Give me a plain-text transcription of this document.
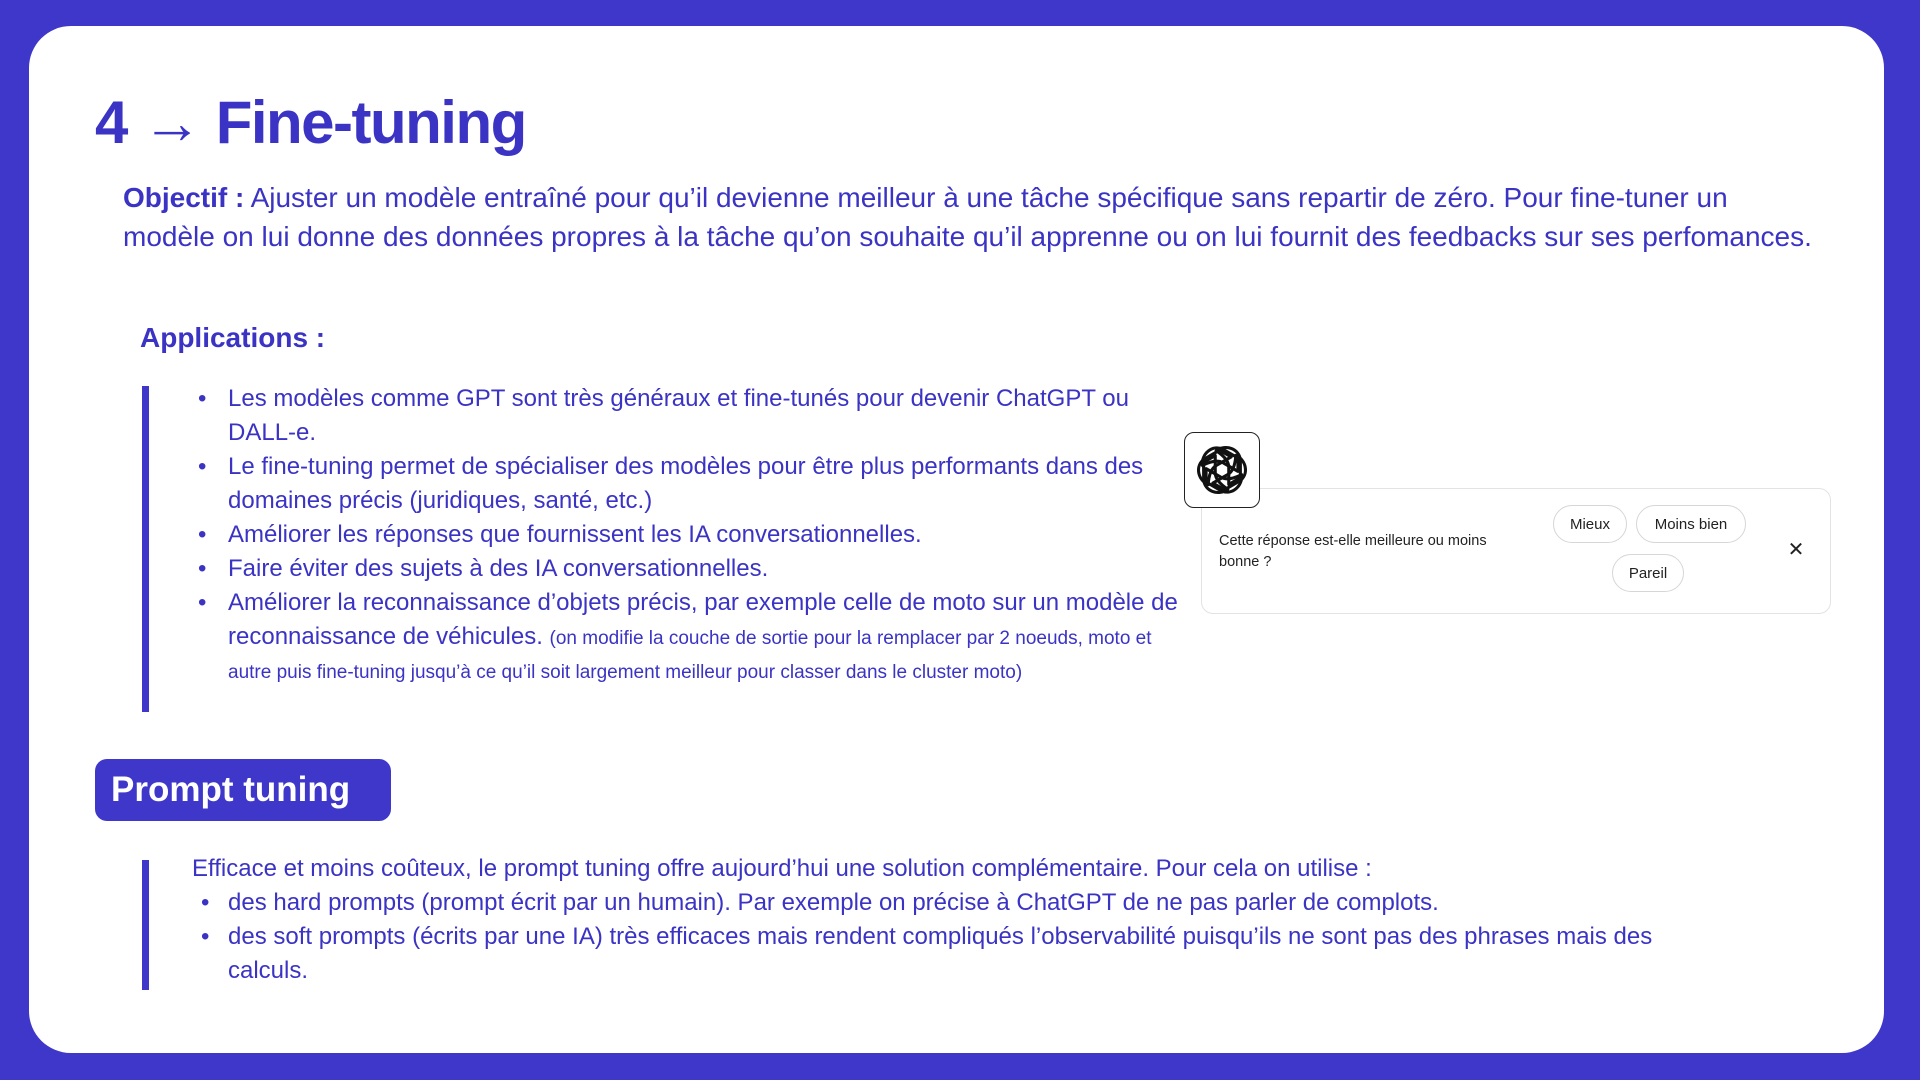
4 → Fine-tuning

Objectif : Ajuster un modèle entraîné pour qu’il devienne meilleur à une tâche spécifique sans repartir de zéro. Pour fine-tuner un modèle on lui donne des données propres à la tâche qu’on souhaite qu’il apprenne ou on lui fournit des feedbacks sur ses perfomances.

Applications :
• Les modèles comme GPT sont très généraux et fine-tunés pour devenir ChatGPT ou DALL-e.
• Le fine-tuning permet de spécialiser des modèles pour être plus performants dans des domaines précis (juridiques, santé, etc.)
• Améliorer les réponses que fournissent les IA conversationnelles.
• Faire éviter des sujets à des IA conversationnelles.
• Améliorer la reconnaissance d’objets précis, par exemple celle de moto sur un modèle de reconnaissance de véhicules. (on modifie la couche de sortie pour la remplacer par 2 noeuds, moto et autre puis fine-tuning jusqu’à ce qu’il soit largement meilleur pour classer dans le cluster moto)

Cette réponse est-elle meilleure ou moins bonne ?

Mieux	Moins bien
Pareil
✕
Prompt tuning

Efficace et moins coûteux, le prompt tuning offre aujourd’hui une solution complémentaire. Pour cela on utilise :

• des hard prompts (prompt écrit par un humain). Par exemple on précise à ChatGPT de ne pas parler de complots.
• des soft prompts (écrits par une IA) très efficaces mais rendent compliqués l’observabilité puisqu’ils ne sont pas des phrases mais des calculs.
